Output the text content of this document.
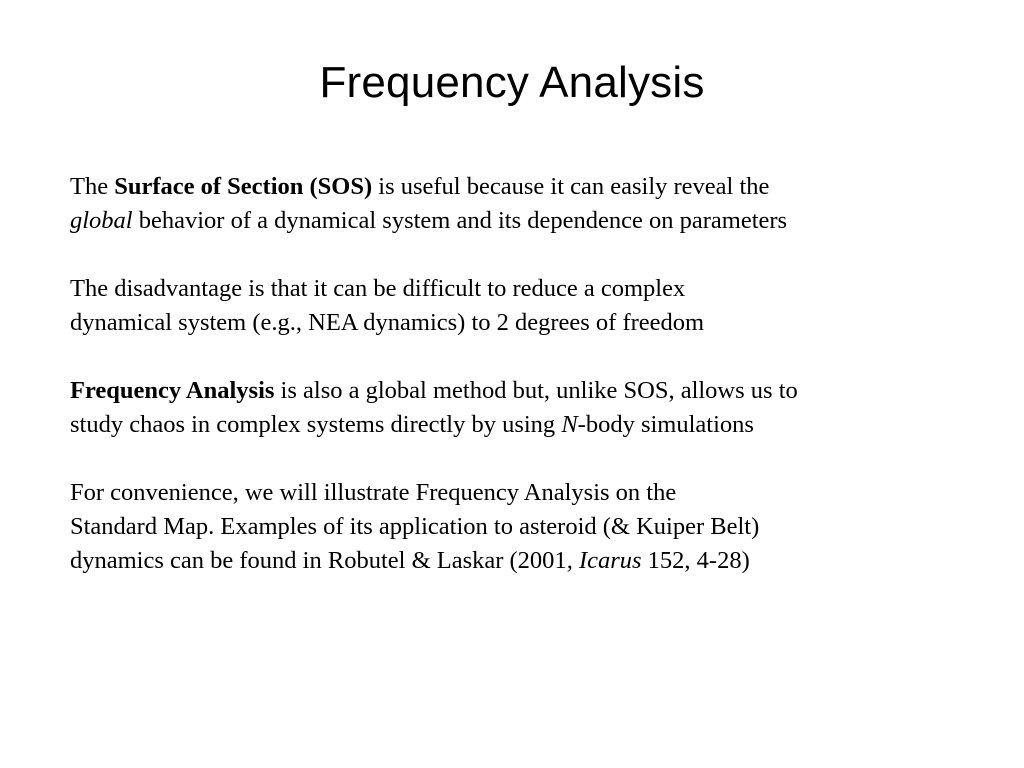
Frequency Analysis

The Surface of Section (SOS) is useful because it can easily reveal the
global behavior of a dynamical system and its dependence on parameters

The disadvantage is that it can be difficult to reduce a complex
dynamical system (e.g., NEA dynamics) to 2 degrees of freedom

Frequency Analysis is also a global method but, unlike SOS, allows us to
study chaos in complex systems directly by using N-body simulations

For convenience, we will illustrate Frequency Analysis on the
Standard Map. Examples of its application to asteroid (& Kuiper Belt)
dynamics can be found in Robutel & Laskar (2001, Icarus 152, 4-28)
